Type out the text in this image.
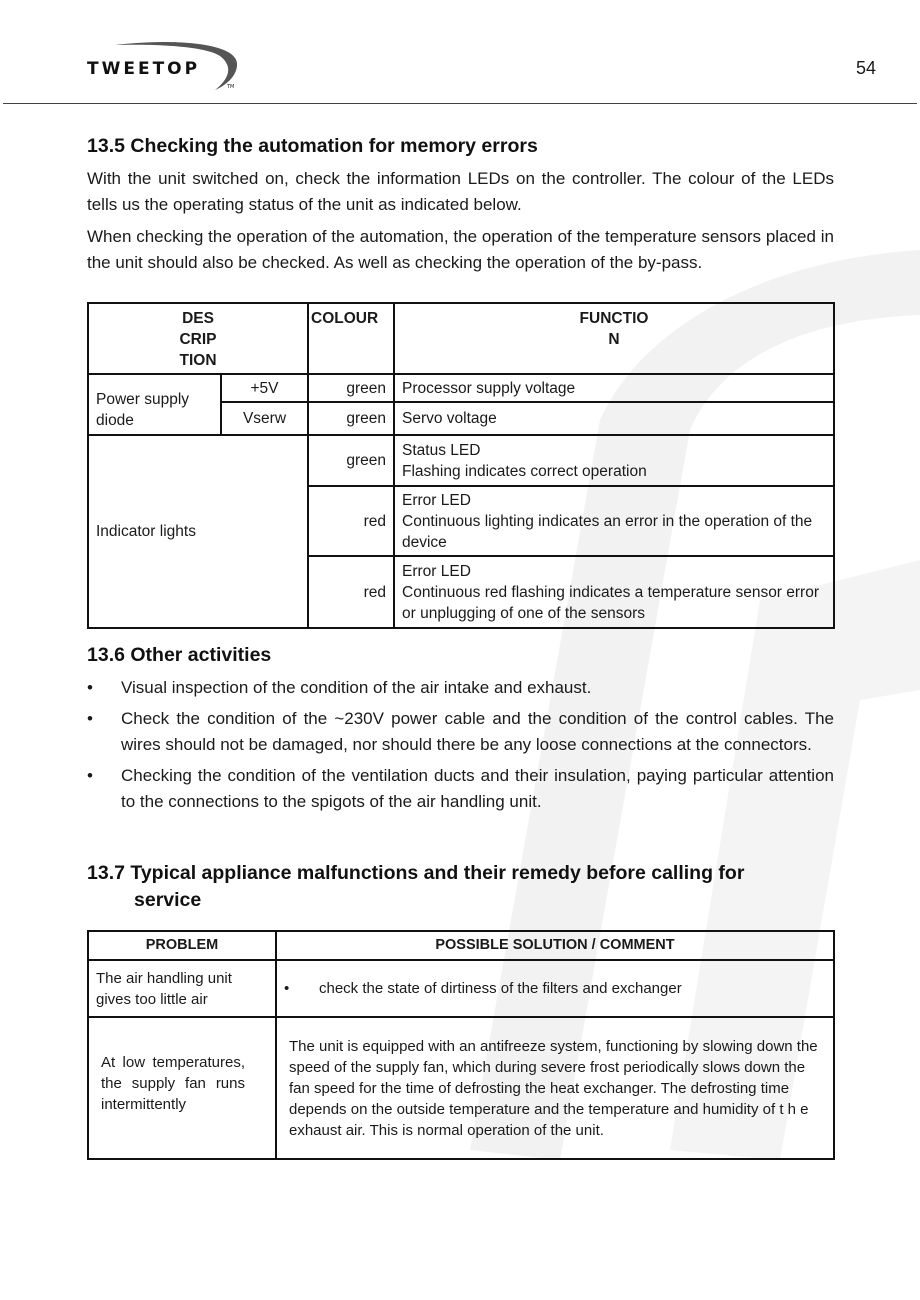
TWEETOP
TM
54
13.5 Checking the automation for memory errors

With the unit switched on, check the information LEDs on the controller. The colour of the LEDs tells us the operating status of the unit as indicated below.

When checking the operation of the automation, the operation of the temperature sensors placed in the unit should also be checked. As well as checking the operation of the by-pass.

DES CRIP TION		COLOUR	FUNCTIO N
Power supply diode	+5V	green	Processor supply voltage
	Vserw	green	Servo voltage
Indicator lights		green	Status LED
Flashing indicates correct operation

		red	Error LED
Continuous lighting indicates an error in the operation of the device

		red	Error LED
Continuous red flashing indicates a temperature sensor error or unplugging of one of the sensors
13.6 Other activities
• Visual inspection of the condition of the air intake and exhaust.
• Check the condition of the ~230V power cable and the condition of the control cables. The wires should not be damaged, nor should there be any loose connections at the connectors.
• Checking the condition of the ventilation ducts and their insulation, paying particular attention to the connections to the spigots of the air handling unit.
13.7 Typical appliance malfunctions and their remedy before calling for
service
PROBLEM	POSSIBLE SOLUTION / COMMENT
The air handling unit gives too little air	• check the state of dirtiness of the filters and exchanger
At low temperatures, the supply fan runs intermittently	The unit is equipped with an antifreeze system, functioning by slowing down the speed of the supply fan, which during severe frost periodically slows down the fan speed for the time of defrosting the heat exchanger. The defrosting time depends on the outside temperature and the temperature and humidity of t h e exhaust air. This is normal operation of the unit.
